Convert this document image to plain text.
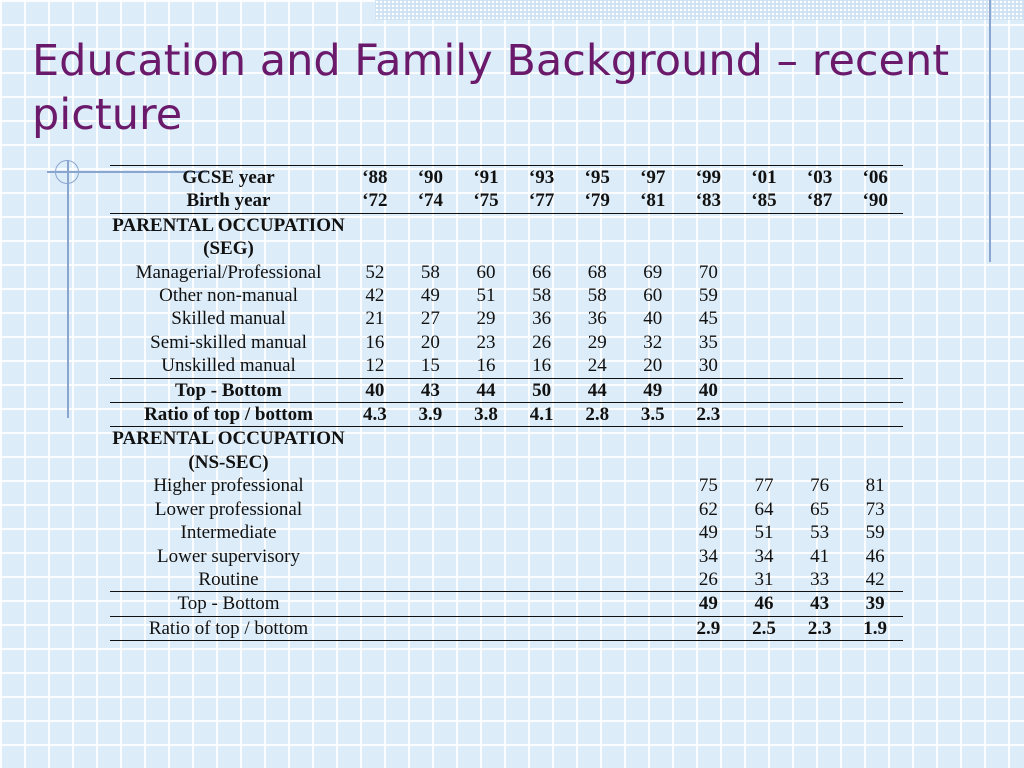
Education and Family Background – recent picture
GCSE year	‘88	‘90	‘91	‘93	‘95	‘97	‘99	‘01	‘03	‘06
Birth year	‘72	‘74	‘75	‘77	‘79	‘81	‘83	‘85	‘87	‘90
PARENTAL OCCUPATION (SEG)										
Managerial/Professional	52	58	60	66	68	69	70			
Other non-manual	42	49	51	58	58	60	59			
Skilled manual	21	27	29	36	36	40	45			
Semi-skilled manual	16	20	23	26	29	32	35			
Unskilled manual	12	15	16	16	24	20	30			
Top - Bottom	40	43	44	50	44	49	40			
Ratio of top / bottom	4.3	3.9	3.8	4.1	2.8	3.5	2.3			
PARENTAL OCCUPATION (NS-SEC)										
Higher professional							75	77	76	81
Lower professional							62	64	65	73
Intermediate							49	51	53	59
Lower supervisory							34	34	41	46
Routine							26	31	33	42
Top - Bottom							49	46	43	39
Ratio of top / bottom							2.9	2.5	2.3	1.9
